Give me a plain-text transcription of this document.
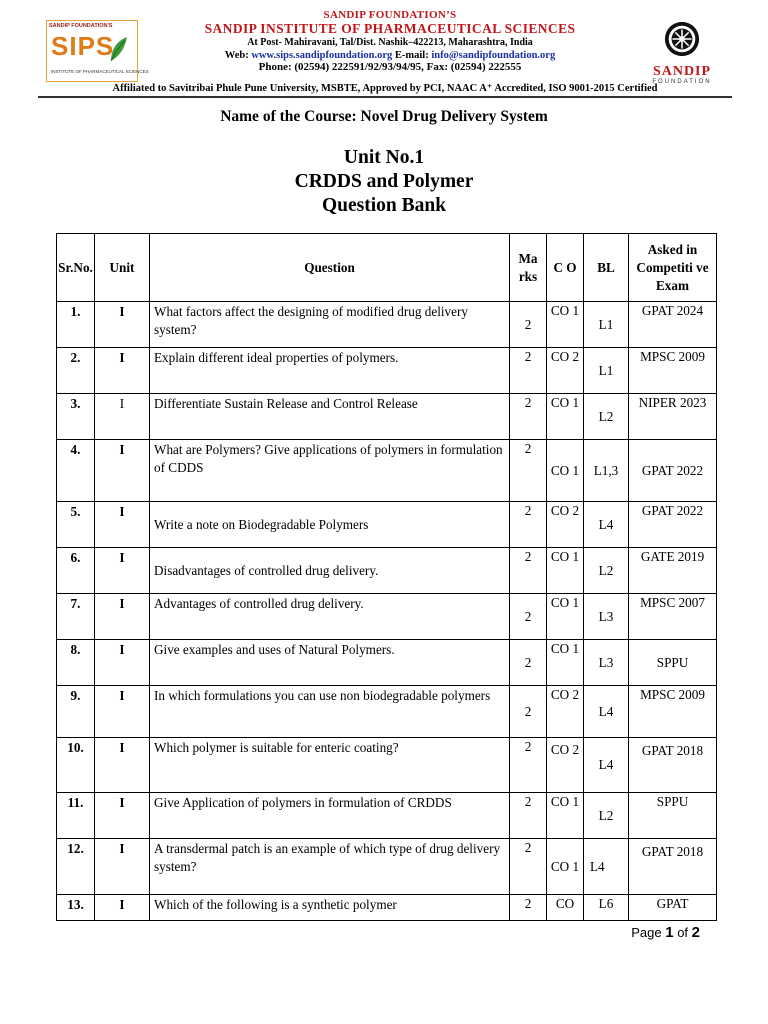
SANDIP FOUNDATION'S
SIPS
INSTITUTE OF PHARMACEUTICAL SCIENCES
SANDIP FOUNDATION’S
SANDIP INSTITUTE OF PHARMACEUTICAL SCIENCES
At Post- Mahiravani, Tal/Dist. Nashik–422213, Maharashtra, India
Web: www.sips.sandipfoundation.org E-mail: info@sandipfoundation.org
Phone: (02594) 222591/92/93/94/95, Fax: (02594) 222555	SANDIP
FOUNDATION
Affiliated to Savitribai Phule Pune University, MSBTE, Approved by PCI, NAAC A⁺ Accredited, ISO 9001-2015 Certified
Name of the Course: Novel Drug Delivery System
Unit No.1
CRDDS and Polymer
Question Bank
Sr.No.	Unit	Question	Ma rks	C O	BL	Asked in Competiti ve Exam
1.	I	What factors affect the designing of modified drug delivery system?	2	CO 1	L1	GPAT 2024
2.	I	Explain different ideal properties of polymers.	2	CO 2	L1	MPSC 2009
3.	I	Differentiate Sustain Release and Control Release	2	CO 1	L2	NIPER 2023
4.	I	What are Polymers? Give applications of polymers in formulation of CDDS	2	CO 1	L1,3	GPAT 2022
5.	I	Write a note on Biodegradable Polymers	2	CO 2	L4	GPAT 2022
6.	I	Disadvantages of controlled drug delivery.	2	CO 1	L2	GATE 2019
7.	I	Advantages of controlled drug delivery.	2	CO 1	L3	MPSC 2007
8.	I	Give examples and uses of Natural Polymers.	2	CO 1	L3	SPPU
9.	I	In which formulations you can use non biodegradable polymers	2	CO 2	L4	MPSC 2009
10.	I	Which polymer is suitable for enteric coating?	2	CO 2	L4	GPAT 2018
11.	I	Give Application of polymers in formulation of CRDDS	2	CO 1	L2	SPPU
12.	I	A transdermal patch is an example of which type of drug delivery system?	2	CO 1	L4	GPAT 2018
13.	I	Which of the following is a synthetic polymer	2	CO	L6	GPAT
Page 1 of 2
